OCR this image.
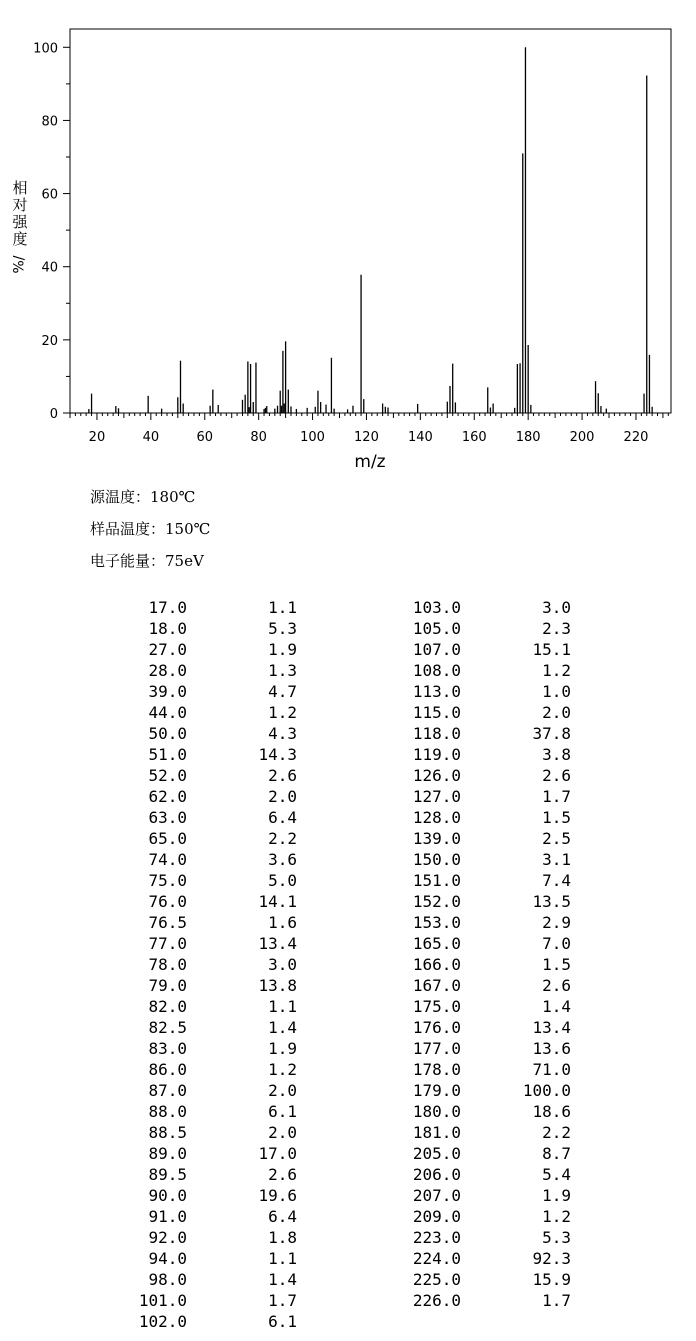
20	40	60	80	100 120 140 160 180 200 220
0
20
40
60
80
100
m/z
相
对
强
度
%/
源温度：180℃
样品温度：150℃
电子能量：75eV
17.0	1.1
18.0	5.3
27.0	1.9
28.0	1.3
39.0	4.7
44.0	1.2
50.0	4.3
51.0	14.3
52.0	2.6
62.0	2.0
63.0	6.4
65.0	2.2
74.0	3.6
75.0	5.0
76.0	14.1
76.5	1.6
77.0	13.4
78.0	3.0
79.0	13.8
82.0	1.1
82.5	1.4
83.0	1.9
86.0	1.2
87.0	2.0
88.0	6.1
88.5	2.0
89.0	17.0
89.5	2.6
90.0	19.6
91.0	6.4
92.0	1.8
94.0	1.1
98.0	1.4
101.0	1.7
102.0	6.1
103.0	3.0
105.0	2.3
107.0	15.1
108.0	1.2
113.0	1.0
115.0	2.0
118.0	37.8
119.0	3.8
126.0	2.6
127.0	1.7
128.0	1.5
139.0	2.5
150.0	3.1
151.0	7.4
152.0	13.5
153.0	2.9
165.0	7.0
166.0	1.5
167.0	2.6
175.0	1.4
176.0	13.4
177.0	13.6
178.0	71.0
179.0	100.0
180.0	18.6
181.0	2.2
205.0	8.7
206.0	5.4
207.0	1.9
209.0	1.2
223.0	5.3
224.0	92.3
225.0	15.9
226.0	1.7
